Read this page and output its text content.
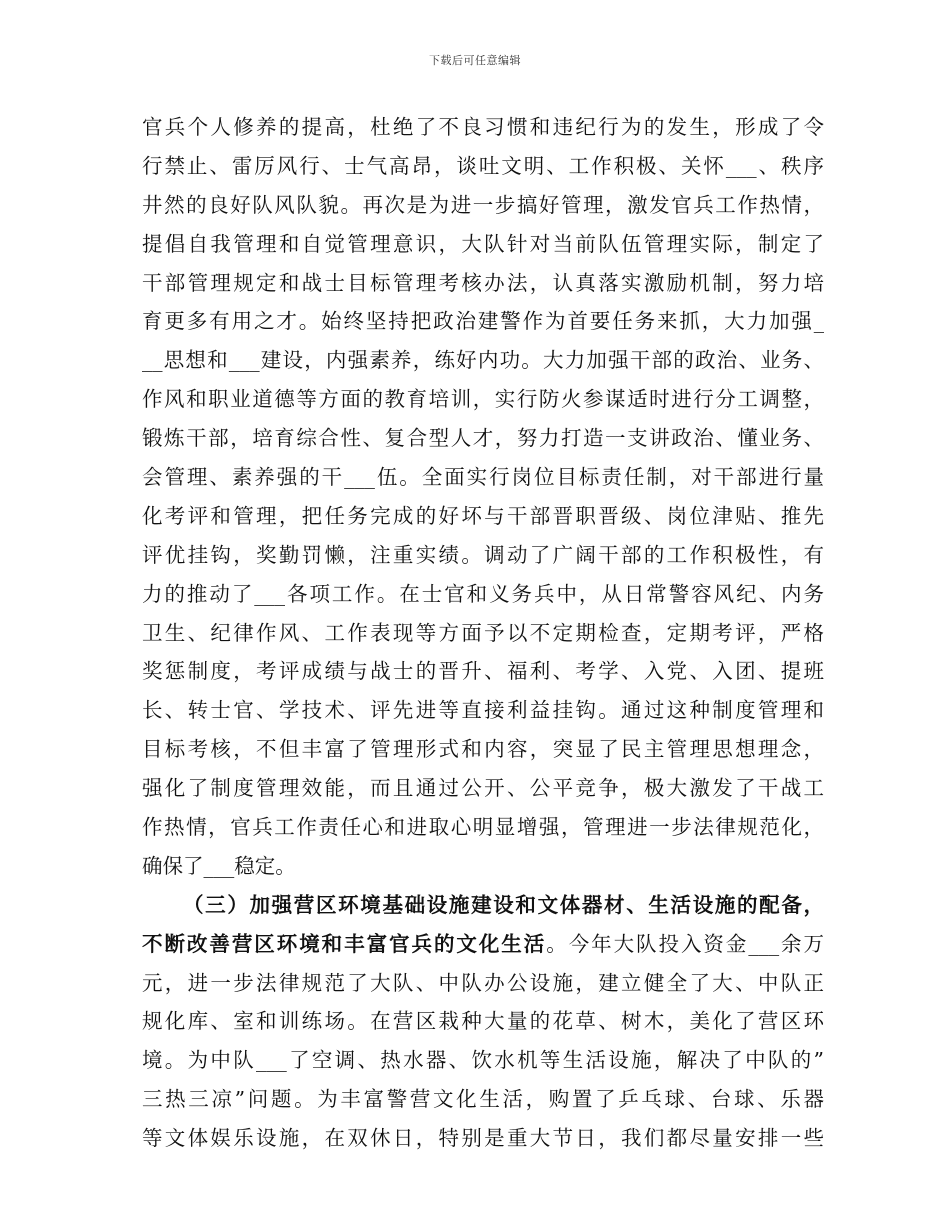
下载后可任意编辑
官兵个人修养的提高，杜绝了不良习惯和违纪行为的发生，形成了令
行禁止、雷厉风行、士气高昂，谈吐文明、工作积极、关怀___、秩序
井然的良好队风队貌。再次是为进一步搞好管理，激发官兵工作热情，
提倡自我管理和自觉管理意识，大队针对当前队伍管理实际，制定了
干部管理规定和战士目标管理考核办法，认真落实激励机制，努力培
育更多有用之才。始终坚持把政治建警作为首要任务来抓，大力加强_
__思想和___建设，内强素养，练好内功。大力加强干部的政治、业务、
作风和职业道德等方面的教育培训，实行防火参谋适时进行分工调整，
锻炼干部，培育综合性、复合型人才，努力打造一支讲政治、懂业务、
会管理、素养强的干___伍。全面实行岗位目标责任制，对干部进行量
化考评和管理，把任务完成的好坏与干部晋职晋级、岗位津贴、推先
评优挂钩，奖勤罚懒，注重实绩。调动了广阔干部的工作积极性，有
力的推动了___各项工作。在士官和义务兵中，从日常警容风纪、内务
卫生、纪律作风、工作表现等方面予以不定期检查，定期考评，严格
奖惩制度，考评成绩与战士的晋升、福利、考学、入党、入团、提班
长、转士官、学技术、评先进等直接利益挂钩。通过这种制度管理和
目标考核，不但丰富了管理形式和内容，突显了民主管理思想理念，
强化了制度管理效能，而且通过公开、公平竞争，极大激发了干战工
作热情，官兵工作责任心和进取心明显增强，管理进一步法律规范化，
确保了___稳定。
（三）加强营区环境基础设施建设和文体器材、生活设施的配备，
不断改善营区环境和丰富官兵的文化生活。今年大队投入资金___余万
元，进一步法律规范了大队、中队办公设施，建立健全了大、中队正
规化库、室和训练场。在营区栽种大量的花草、树木，美化了营区环
境。为中队___了空调、热水器、饮水机等生活设施，解决了中队的”
三热三凉”问题。为丰富警营文化生活，购置了乒乓球、台球、乐器
等文体娱乐设施，在双休日，特别是重大节日，我们都尽量安排一些
